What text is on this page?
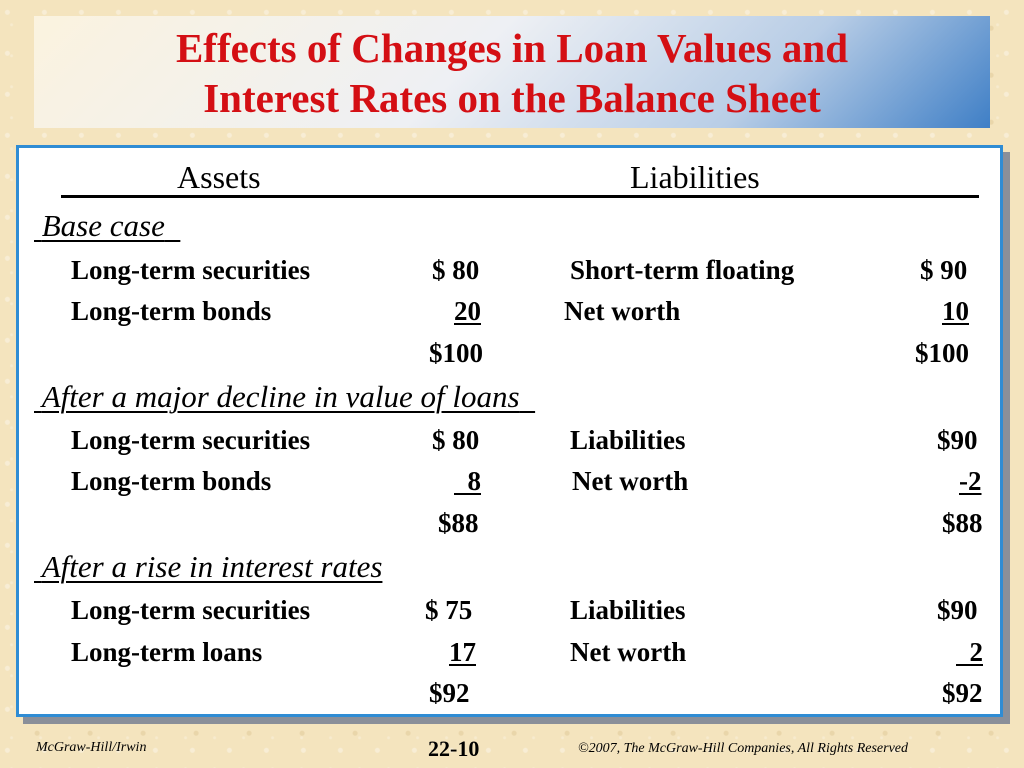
Effects of Changes in Loan Values and
Interest Rates on the Balance Sheet
Assets	Liabilities
Base case
Long-term securities	$ 80	Short-term floating	$ 90
Long-term bonds	20	Net worth	10
$100	$100
After a major decline in value of loans
Long-term securities	$ 80	Liabilities	$90
Long-term bonds	8	Net worth	-2
$88	$88
After a rise in interest rates
Long-term securities	$ 75	Liabilities	$90
Long-term loans	17	Net worth	2
$92	$92
McGraw-Hill/Irwin	22-10	©2007, The McGraw-Hill Companies, All Rights Reserved
